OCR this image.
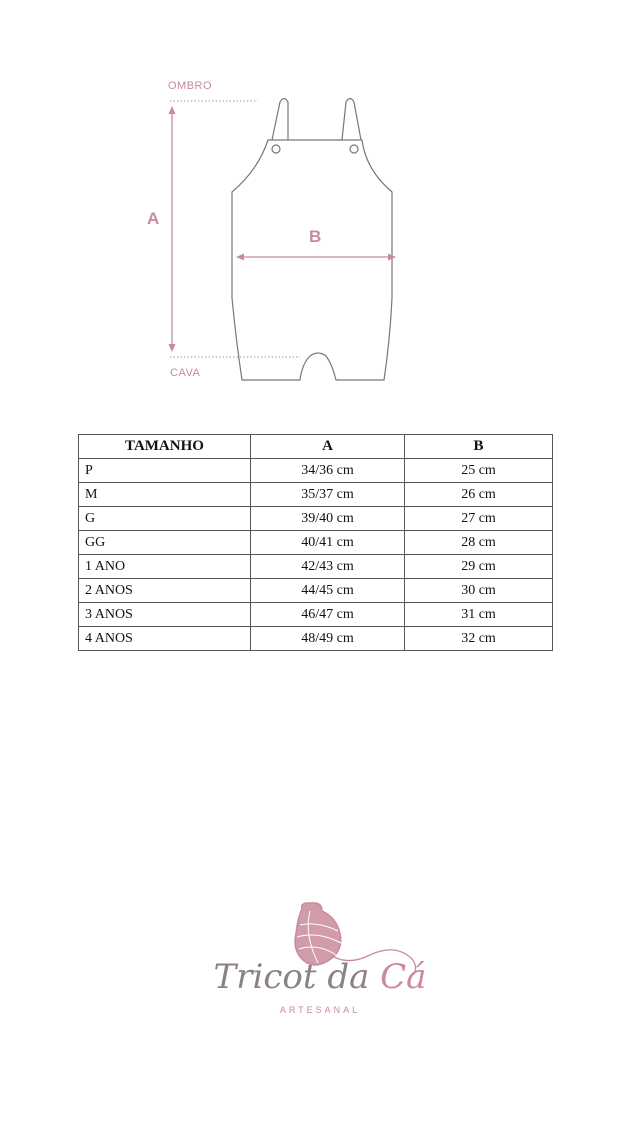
OMBRO
CAVA
A
B
TAMANHO	A	B
P	34/36 cm	25 cm
M	35/37 cm	26 cm
G	39/40 cm	27 cm
GG	40/41 cm	28 cm
1 ANO	42/43 cm	29 cm
2 ANOS	44/45 cm	30 cm
3 ANOS	46/47 cm	31 cm
4 ANOS	48/49 cm	32 cm
Tricot da Cá
ARTESANAL
